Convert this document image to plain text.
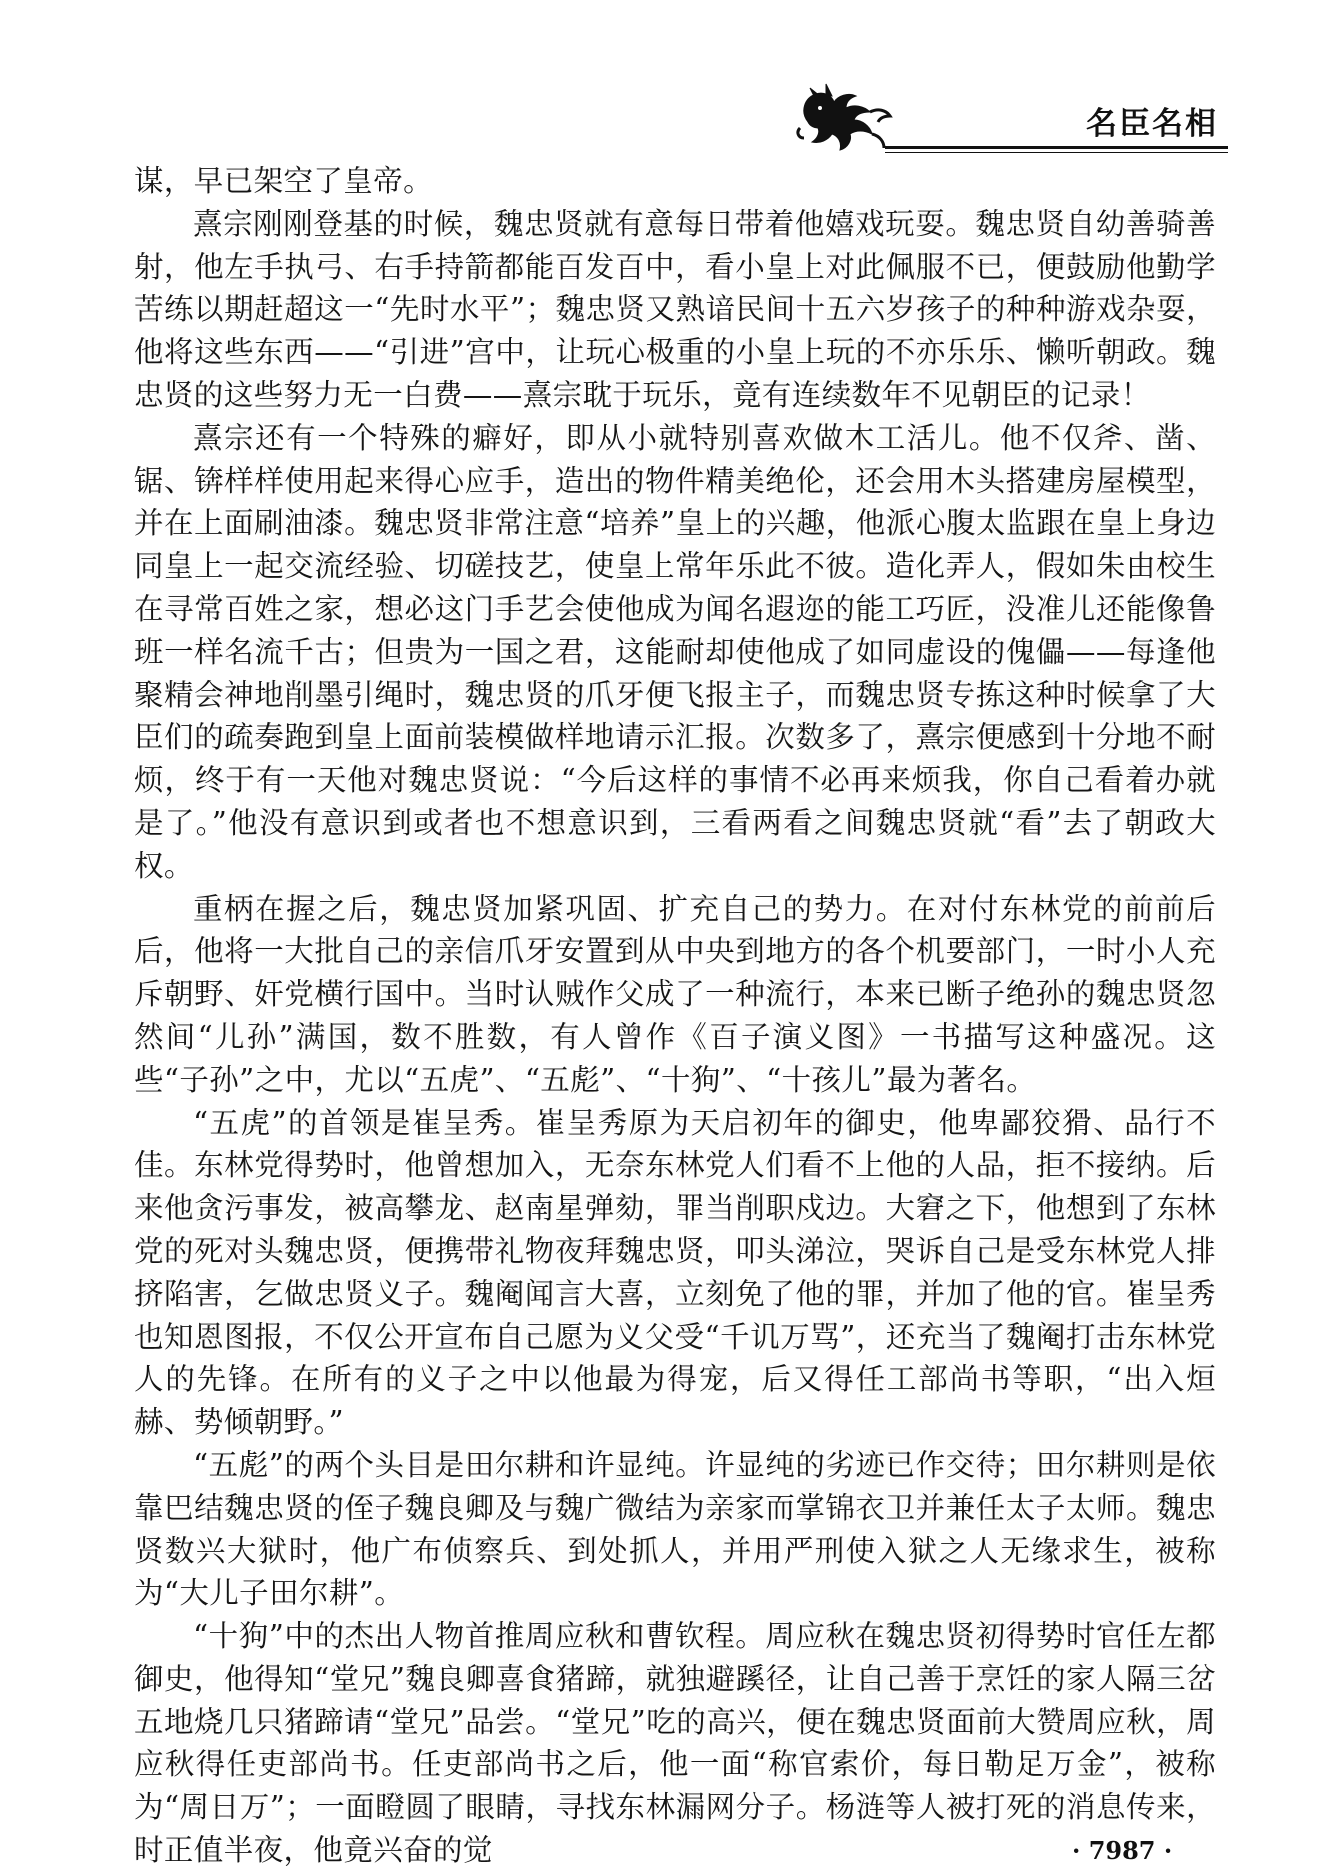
名臣名相

谋，早已架空了皇帝。

熹宗刚刚登基的时候，魏忠贤就有意每日带着他嬉戏玩耍。魏忠贤自幼善骑善射，他左手执弓、右手持箭都能百发百中，看小皇上对此佩服不已，便鼓励他勤学苦练以期赶超这一“先时水平”；魏忠贤又熟谙民间十五六岁孩子的种种游戏杂耍，他将这些东西——“引进”宫中，让玩心极重的小皇上玩的不亦乐乐、懒听朝政。魏忠贤的这些努力无一白费——熹宗耽于玩乐，竟有连续数年不见朝臣的记录！

熹宗还有一个特殊的癖好，即从小就特别喜欢做木工活儿。他不仅斧、凿、锯、锛样样使用起来得心应手，造出的物件精美绝伦，还会用木头搭建房屋模型，并在上面刷油漆。魏忠贤非常注意“培养”皇上的兴趣，他派心腹太监跟在皇上身边同皇上一起交流经验、切磋技艺，使皇上常年乐此不彼。造化弄人，假如朱由校生在寻常百姓之家，想必这门手艺会使他成为闻名遐迩的能工巧匠，没准儿还能像鲁班一样名流千古；但贵为一国之君，这能耐却使他成了如同虚设的傀儡——每逢他聚精会神地削墨引绳时，魏忠贤的爪牙便飞报主子，而魏忠贤专拣这种时候拿了大臣们的疏奏跑到皇上面前装模做样地请示汇报。次数多了，熹宗便感到十分地不耐烦，终于有一天他对魏忠贤说：“今后这样的事情不必再来烦我，你自己看着办就是了。”他没有意识到或者也不想意识到，三看两看之间魏忠贤就“看”去了朝政大权。

重柄在握之后，魏忠贤加紧巩固、扩充自己的势力。在对付东林党的前前后后，他将一大批自己的亲信爪牙安置到从中央到地方的各个机要部门，一时小人充斥朝野、奸党横行国中。当时认贼作父成了一种流行，本来已断子绝孙的魏忠贤忽然间“儿孙”满国，数不胜数，有人曾作《百子演义图》一书描写这种盛况。这些“子孙”之中，尤以“五虎”、“五彪”、“十狗”、“十孩儿”最为著名。

“五虎”的首领是崔呈秀。崔呈秀原为天启初年的御史，他卑鄙狡猾、品行不佳。东林党得势时，他曾想加入，无奈东林党人们看不上他的人品，拒不接纳。后来他贪污事发，被高攀龙、赵南星弹劾，罪当削职戍边。大窘之下，他想到了东林党的死对头魏忠贤，便携带礼物夜拜魏忠贤，叩头涕泣，哭诉自己是受东林党人排挤陷害，乞做忠贤义子。魏阉闻言大喜，立刻免了他的罪，并加了他的官。崔呈秀也知恩图报，不仅公开宣布自己愿为义父受“千讥万骂”，还充当了魏阉打击东林党人的先锋。在所有的义子之中以他最为得宠，后又得任工部尚书等职，“出入烜赫、势倾朝野。”

“五彪”的两个头目是田尔耕和许显纯。许显纯的劣迹已作交待；田尔耕则是依靠巴结魏忠贤的侄子魏良卿及与魏广微结为亲家而掌锦衣卫并兼任太子太师。魏忠贤数兴大狱时，他广布侦察兵、到处抓人，并用严刑使入狱之人无缘求生，被称为“大儿子田尔耕”。

“十狗”中的杰出人物首推周应秋和曹钦程。周应秋在魏忠贤初得势时官任左都御史，他得知“堂兄”魏良卿喜食猪蹄，就独避蹊径，让自己善于烹饪的家人隔三岔五地烧几只猪蹄请“堂兄”品尝。“堂兄”吃的高兴，便在魏忠贤面前大赞周应秋，周应秋得任吏部尚书。任吏部尚书之后，他一面“称官索价，每日勒足万金”，被称为“周日万”；一面瞪圆了眼睛，寻找东林漏网分子。杨涟等人被打死的消息传来，时正值半夜，他竟兴奋的觉	· 7987 ·
